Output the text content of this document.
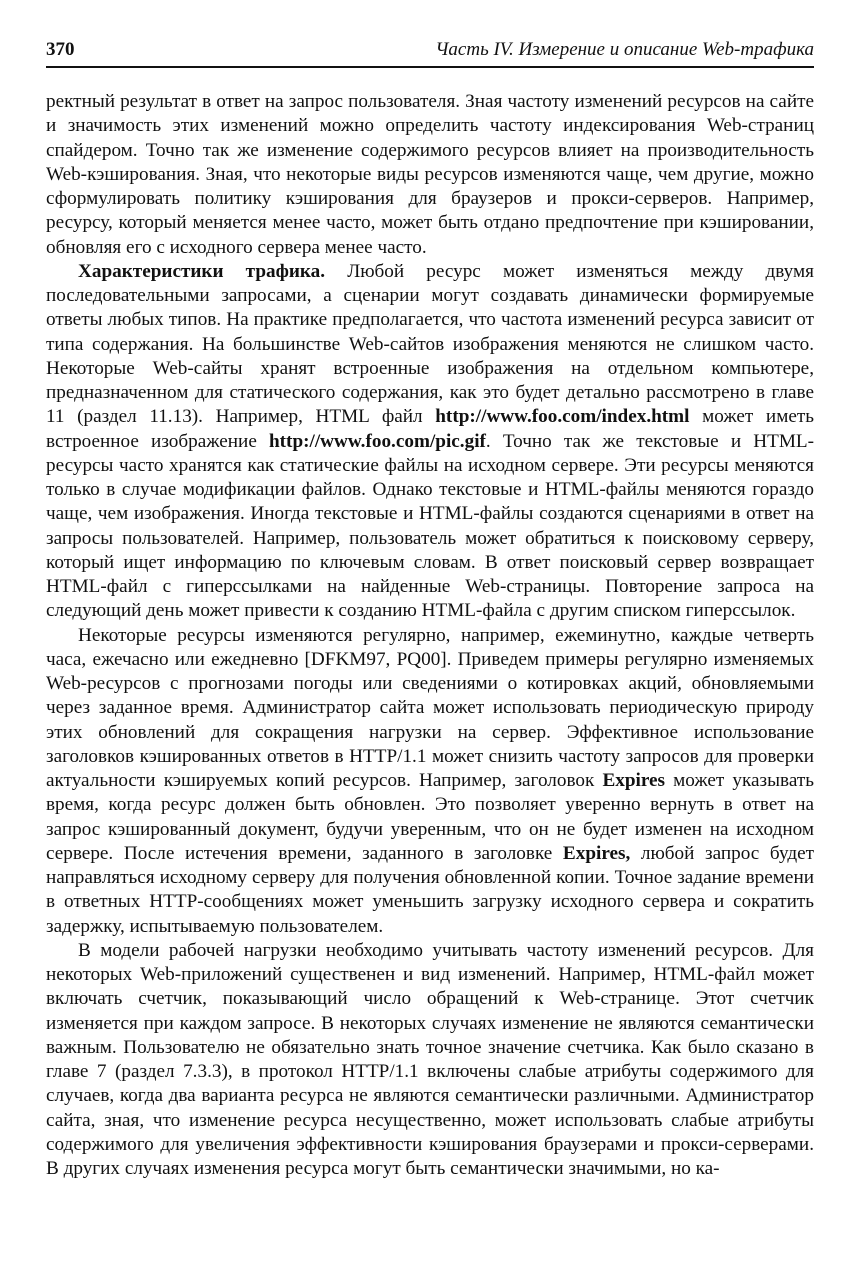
370	Часть IV. Измерение и описание Web-трафика

ректный результат в ответ на запрос пользователя. Зная частоту изменений ресурсов на сайте и значимость этих изменений можно определить частоту индексирования Web-страниц спайдером. Точно так же изменение содержимого ресурсов влияет на производительность Web-кэширования. Зная, что некоторые виды ресурсов изменяются чаще, чем другие, можно сформулировать политику кэширования для браузеров и прокси-серверов. Например, ресурсу, который меняется менее часто, может быть отдано предпочтение при кэшировании, обновляя его с исходного сервера менее часто.

Характеристики трафика. Любой ресурс может изменяться между двумя последовательными запросами, а сценарии могут создавать динамически формируемые ответы любых типов. На практике предполагается, что частота изменений ресурса зависит от типа содержания. На большинстве Web-сайтов изображения меняются не слишком часто. Некоторые Web-сайты хранят встроенные изображения на отдельном компьютере, предназначенном для статического содержания, как это будет детально рассмотрено в главе 11 (раздел 11.13). Например, HTML файл http://www.foo.com/index.html может иметь встроенное изображение http://www.foo.com/pic.gif. Точно так же текстовые и HTML-ресурсы часто хранятся как статические файлы на исходном сервере. Эти ресурсы меняются только в случае модификации файлов. Однако текстовые и HTML-файлы меняются гораздо чаще, чем изображения. Иногда текстовые и HTML-файлы создаются сценариями в ответ на запросы пользователей. Например, пользователь может обратиться к поисковому серверу, который ищет информацию по ключевым словам. В ответ поисковый сервер возвращает HTML-файл с гиперссылками на найденные Web-страницы. Повторение запроса на следующий день может привести к созданию HTML-файла с другим списком гиперссылок.

Некоторые ресурсы изменяются регулярно, например, ежеминутно, каждые четверть часа, ежечасно или ежедневно [DFKM97, PQ00]. Приведем примеры регулярно изменяемых Web-ресурсов с прогнозами погоды или сведениями о котировках акций, обновляемыми через заданное время. Администратор сайта может использовать периодическую природу этих обновлений для сокращения нагрузки на сервер. Эффективное использование заголовков кэшированных ответов в HTTP/1.1 может снизить частоту запросов для проверки актуальности кэшируемых копий ресурсов. Например, заголовок Expires может указывать время, когда ресурс должен быть обновлен. Это позволяет уверенно вернуть в ответ на запрос кэшированный документ, будучи уверенным, что он не будет изменен на исходном сервере. После истечения времени, заданного в заголовке Expires, любой запрос будет направляться исходному серверу для получения обновленной копии. Точное задание времени в ответных HTTP-сообщениях может уменьшить загрузку исходного сервера и сократить задержку, испытываемую пользователем.

В модели рабочей нагрузки необходимо учитывать частоту изменений ресурсов. Для некоторых Web-приложений существенен и вид изменений. Например, HTML-файл может включать счетчик, показывающий число обращений к Web-странице. Этот счетчик изменяется при каждом запросе. В некоторых случаях изменение не являются семантически важным. Пользователю не обязательно знать точное значение счетчика. Как было сказано в главе 7 (раздел 7.3.3), в протокол HTTP/1.1 включены слабые атрибуты содержимого для случаев, когда два варианта ресурса не являются семантически различными. Администратор сайта, зная, что изменение ресурса несущественно, может использовать слабые атрибуты содержимого для увеличения эффективности кэширования браузерами и прокси-серверами. В других случаях изменения ресурса могут быть семантически значимыми, но ка-
